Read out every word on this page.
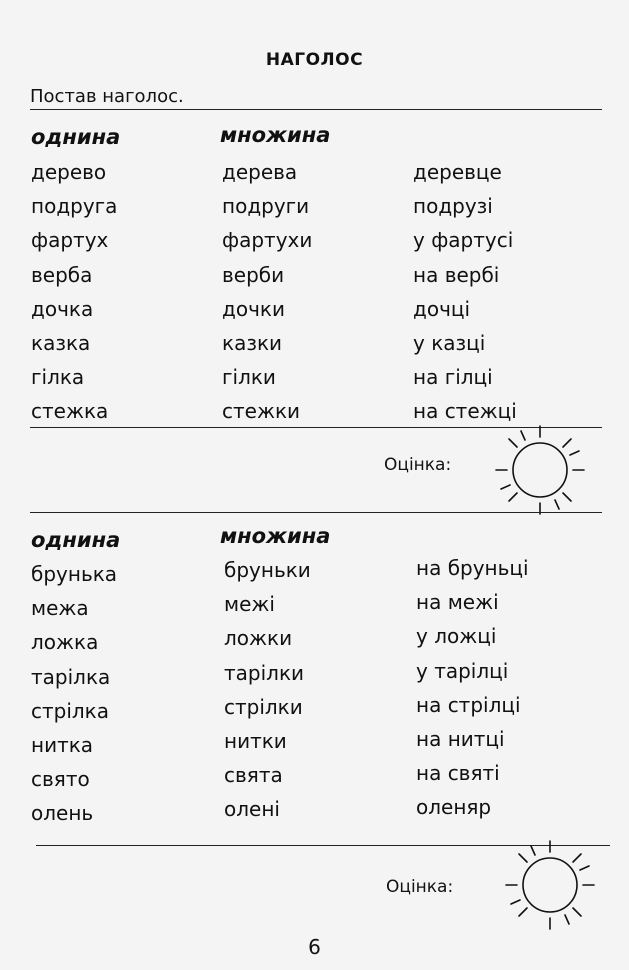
НАГОЛОС
Постав наголос.
однина	множина
дерево
подруга
фартух
верба
дочка
казка
гілка
стежка
дерева
подруги
фартухи
верби
дочки
казки
гілки
стежки
деревце
подрузі
у фартусі
на вербі
дочці
у казці
на гілці
на стежці
Оцінка:
однина	множина
брунька
межа
ложка
тарілка
стрілка
нитка
свято
олень
бруньки
межі
ложки
тарілки
стрілки
нитки
свята
олені
на бруньці
на межі
у ложці
у тарілці
на стрілці
на нитці
на святі
оленяр
Оцінка:
6
